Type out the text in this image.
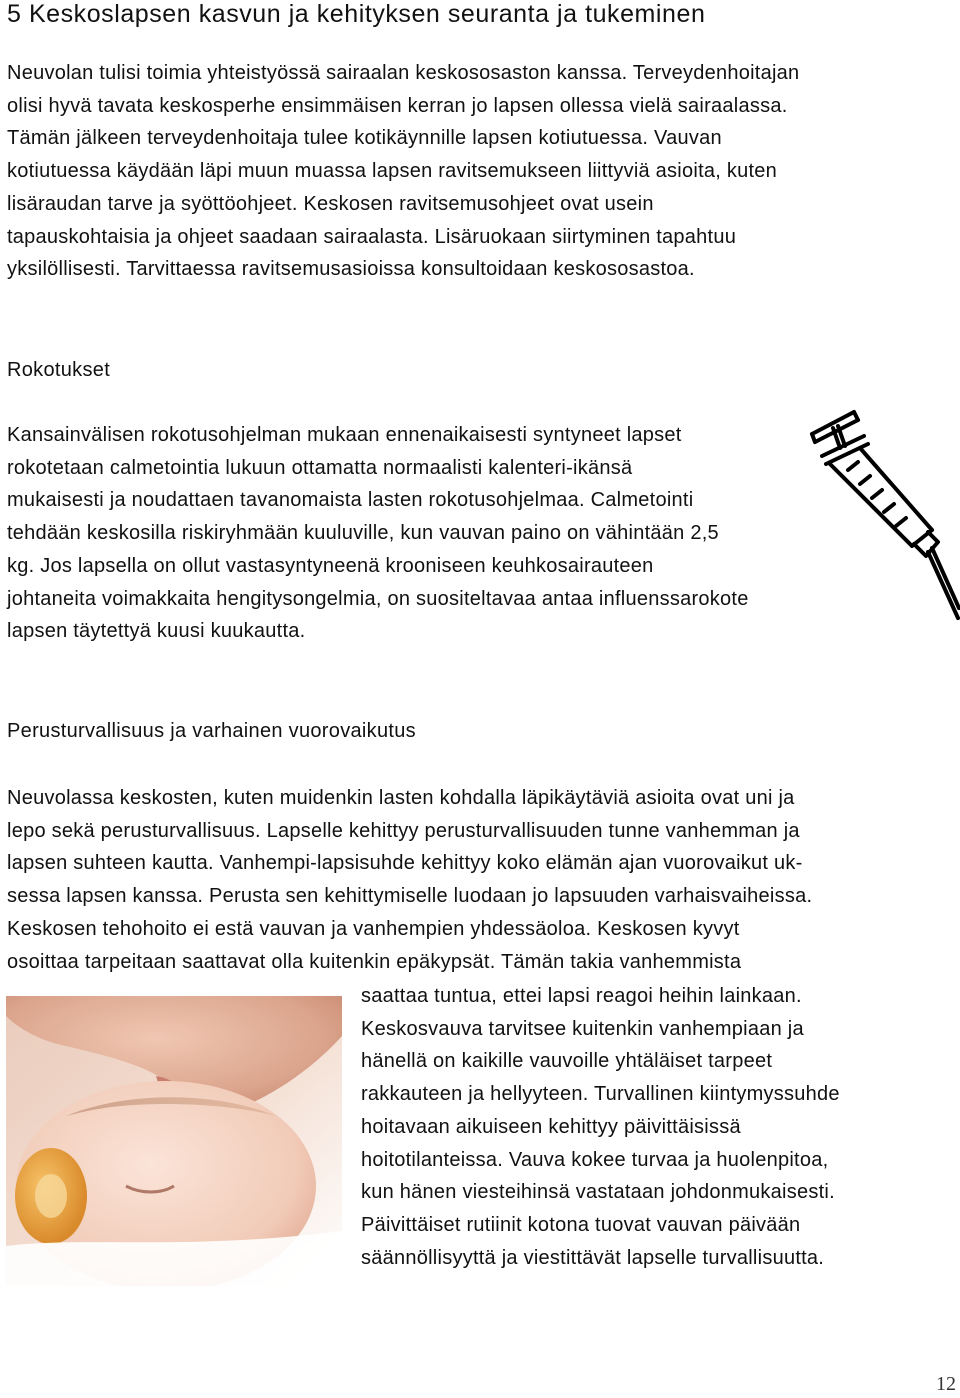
5 Keskoslapsen kasvun ja kehityksen seuranta ja tukeminen

Neuvolan tulisi toimia yhteistyössä sairaalan keskososaston kanssa. Terveydenhoitajan
olisi hyvä tavata keskosperhe ensimmäisen kerran jo lapsen ollessa vielä sairaalassa.
Tämän jälkeen terveydenhoitaja tulee kotikäynnille lapsen kotiutuessa. Vauvan
kotiutuessa käydään läpi muun muassa lapsen ravitsemukseen liittyviä asioita, kuten
lisäraudan tarve ja syöttöohjeet. Keskosen ravitsemusohjeet ovat usein
tapauskohtaisia ja ohjeet saadaan sairaalasta. Lisäruokaan siirtyminen tapahtuu
yksilöllisesti. Tarvittaessa ravitsemusasioissa konsultoidaan keskososastoa.

Rokotukset

Kansainvälisen rokotusohjelman mukaan ennenaikaisesti syntyneet lapset
rokotetaan calmetointia lukuun ottamatta normaalisti kalenteri-ikänsä
mukaisesti ja noudattaen tavanomaista lasten rokotusohjelmaa. Calmetointi
tehdään keskosilla riskiryhmään kuuluville, kun vauvan paino on vähintään 2,5
kg. Jos lapsella on ollut vastasyntyneenä krooniseen keuhkosairauteen
johtaneita voimakkaita hengitysongelmia, on suositeltavaa antaa influenssarokote
lapsen täytettyä kuusi kuukautta.

Perusturvallisuus ja varhainen vuorovaikutus

Neuvolassa keskosten, kuten muidenkin lasten kohdalla läpikäytäviä asioita ovat uni ja
lepo sekä perusturvallisuus. Lapselle kehittyy perusturvallisuuden tunne vanhemman ja
lapsen suhteen kautta. Vanhempi-lapsisuhde kehittyy koko elämän ajan vuorovaikut uk-
sessa lapsen kanssa. Perusta sen kehittymiselle luodaan jo lapsuuden varhaisvaiheissa.
Keskosen tehohoito ei estä vauvan ja vanhempien yhdessäoloa. Keskosen kyvyt
osoittaa tarpeitaan saattavat olla kuitenkin epäkypsät. Tämän takia vanhemmista

saattaa tuntua, ettei lapsi reagoi heihin lainkaan.
Keskosvauva tarvitsee kuitenkin vanhempiaan ja
hänellä on kaikille vauvoille yhtäläiset tarpeet
rakkauteen ja hellyyteen. Turvallinen kiintymyssuhde
hoitavaan aikuiseen kehittyy päivittäisissä
hoitotilanteissa. Vauva kokee turvaa ja huolenpitoa,
kun hänen viesteihinsä vastataan johdonmukaisesti.
Päivittäiset rutiinit kotona tuovat vauvan päivään
säännöllisyyttä ja viestittävät lapselle turvallisuutta.

12
